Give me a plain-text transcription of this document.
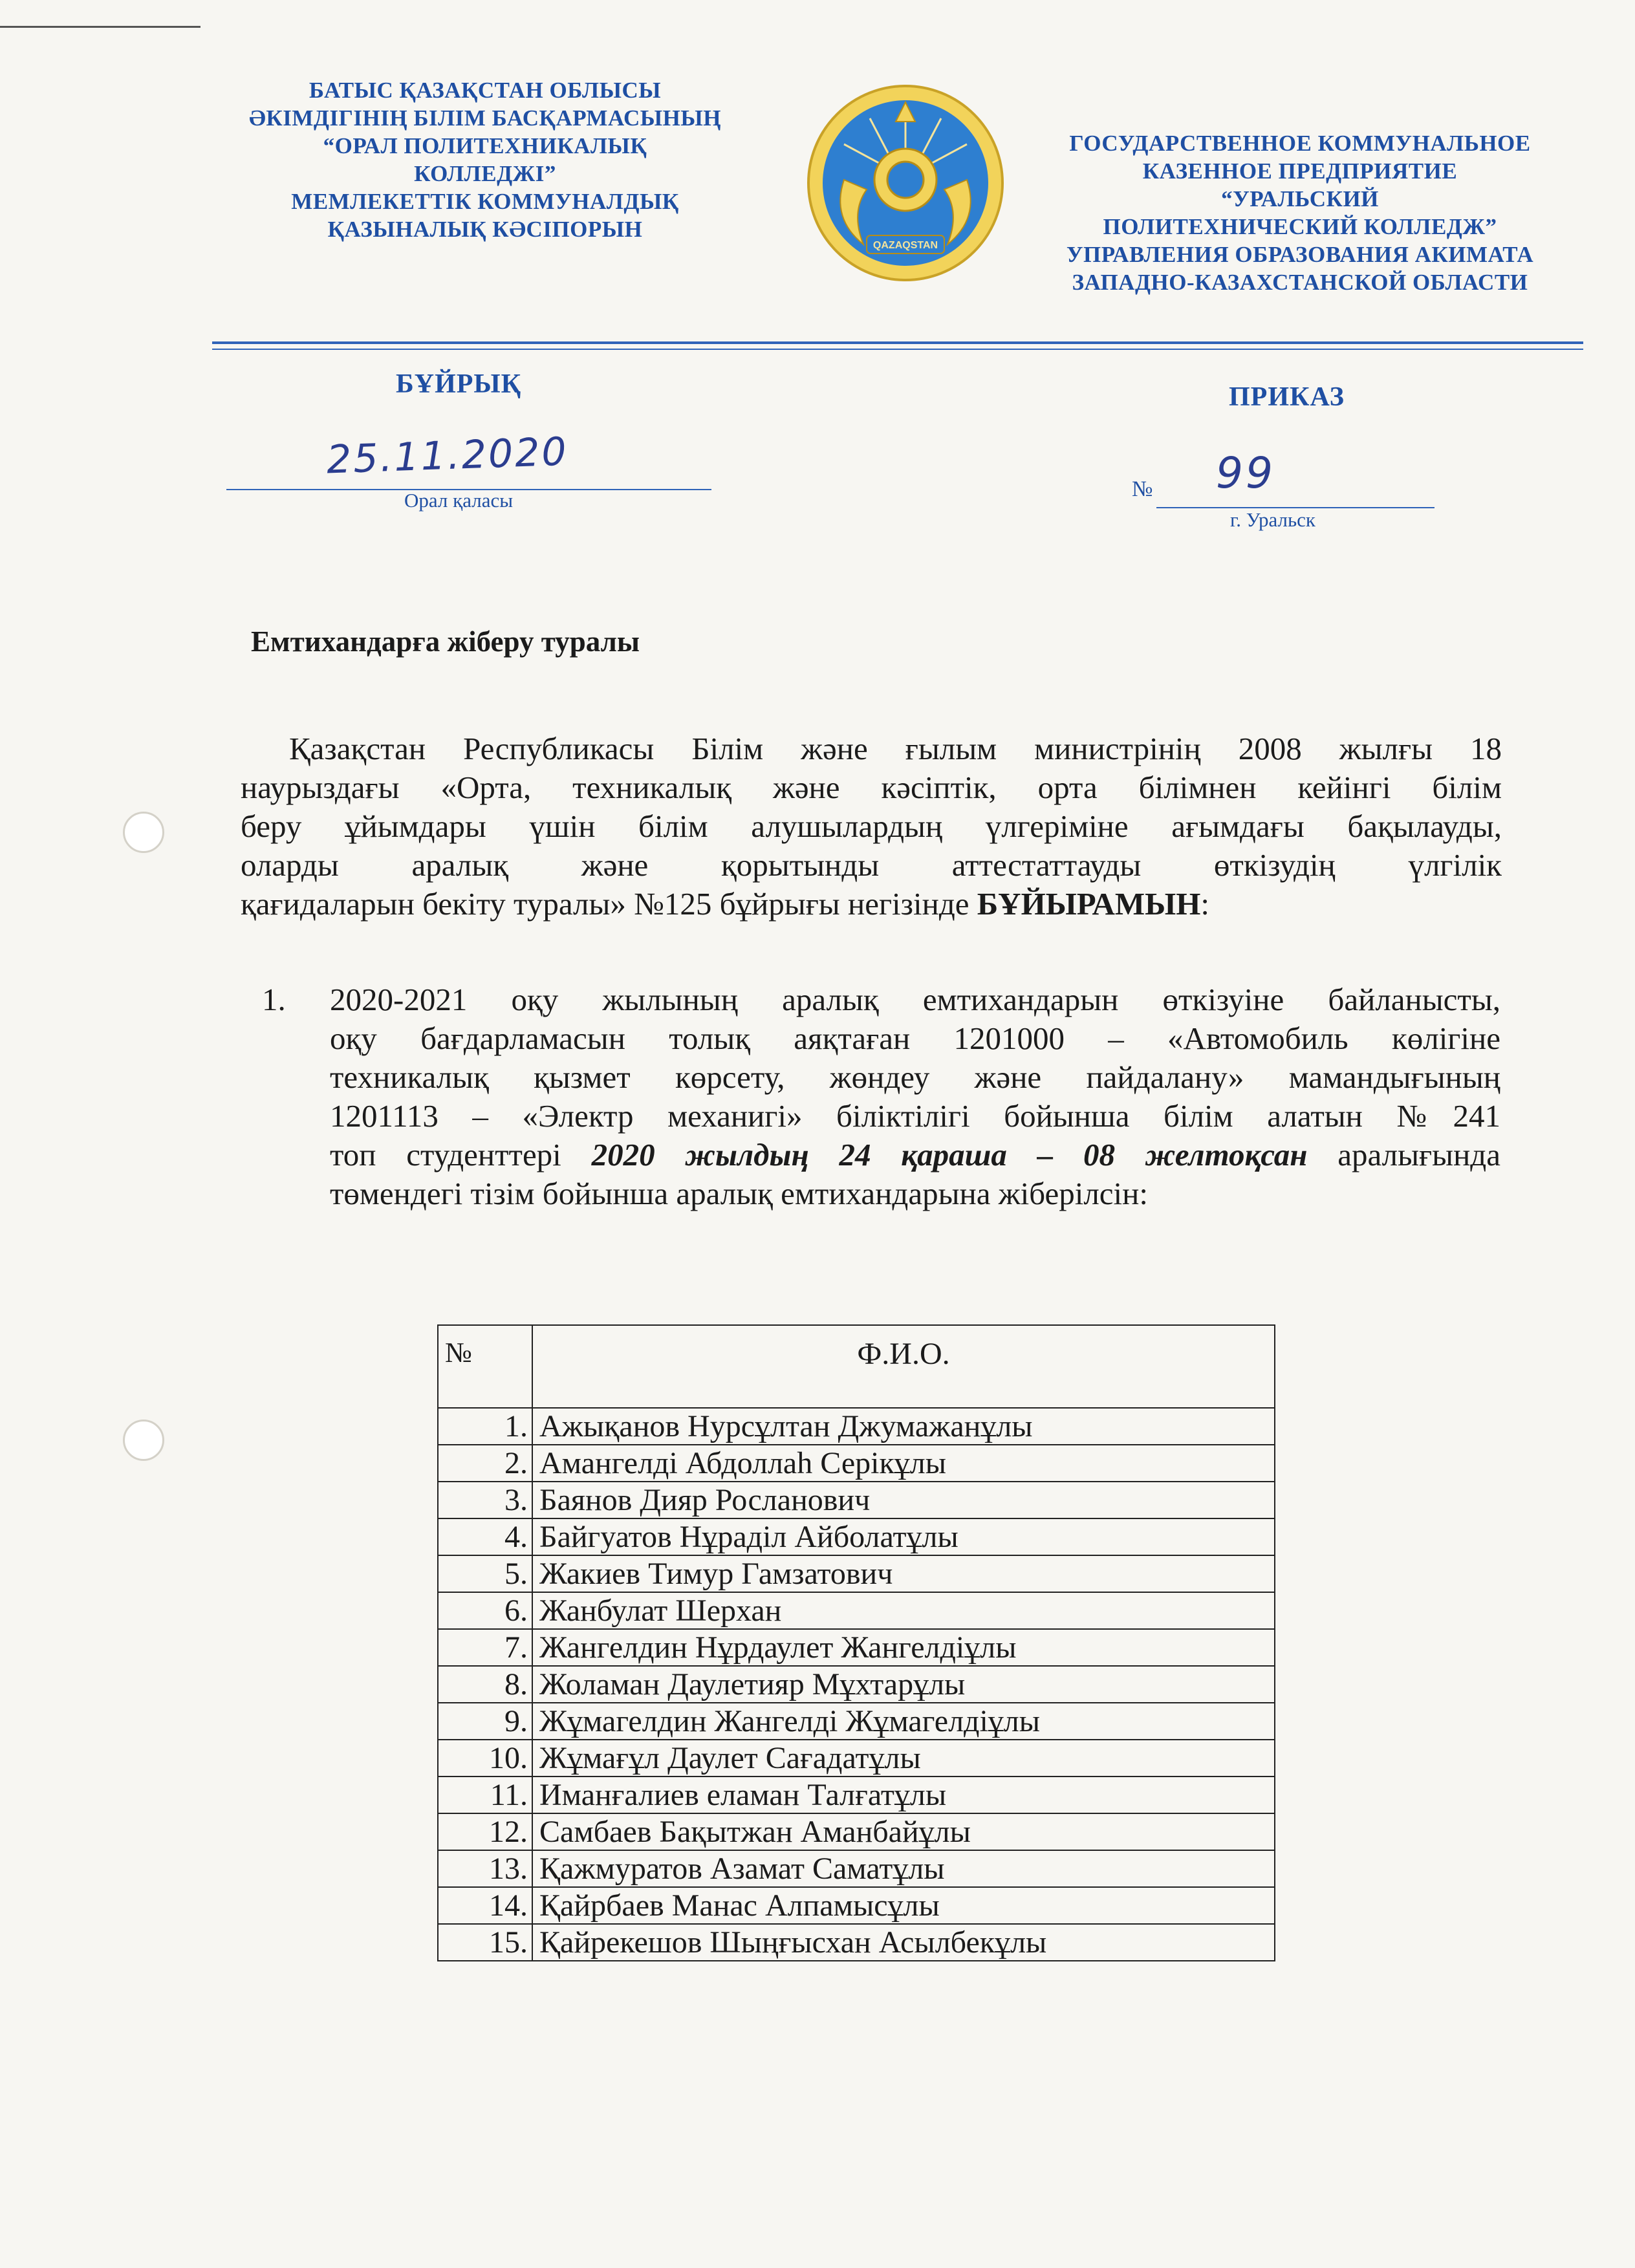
БАТЫС ҚАЗАҚСТАН ОБЛЫСЫ
ӘКІМДІГІНІҢ БІЛІМ БАСҚАРМАСЫНЫҢ
“ОРАЛ ПОЛИТЕХНИКАЛЫҚ
КОЛЛЕДЖІ”
МЕМЛЕКЕТТІК КОММУНАЛДЫҚ
ҚАЗЫНАЛЫҚ КӘСІПОРЫН
QAZAQSTAN
ГОСУДАРСТВЕННОЕ КОММУНАЛЬНОЕ
КАЗЕННОЕ ПРЕДПРИЯТИЕ
“УРАЛЬСКИЙ
ПОЛИТЕХНИЧЕСКИЙ КОЛЛЕДЖ”
УПРАВЛЕНИЯ ОБРАЗОВАНИЯ АКИМАТА
ЗАПАДНО-КАЗАХСТАНСКОЙ ОБЛАСТИ
БҰЙРЫҚ	ПРИКАЗ
25.11.2020
Орал қаласы	№ 99
г. Уральск
Емтихандарға жіберу туралы

Қазақстан Республикасы Білім және ғылым министрінің 2008 жылғы 18

наурыздағы «Орта, техникалық және кәсіптік, орта білімнен кейінгі білім

беру ұйымдары үшін білім алушылардың үлгеріміне ағымдағы бақылауды,

оларды аралық және қорытынды аттестаттауды өткізудің үлгілік

қағидаларын бекіту туралы» №125 бұйрығы негізінде БҰЙЫРАМЫН:

1. 2020-2021 оқу жылының аралық емтихандарын өткізуіне байланысты,

оқу бағдарламасын толық аяқтаған 1201000 – «Автомобиль көлігіне

техникалық қызмет көрсету, жөндеу және пайдалану» мамандығының

1201113 – «Электр механигі» біліктілігі бойынша білім алатын №241

топ студенттері 2020 жылдың 24 қараша – 08 желтоқсан аралығында

төмендегі тізім бойынша аралық емтихандарына жіберілсін:

№	Ф.И.О.
1.	Ажықанов Нурсұлтан Джумажанұлы
2.	Амангелді Абдоллаh Серікұлы
3.	Баянов Дияр Росланович
4.	Байгуатов Нұраділ Айболатұлы
5.	Жакиев Тимур Гамзатович
6.	Жанбулат Шерхан
7.	Жангелдин Нұрдаулет Жангелдіұлы
8.	Жоламан Даулетияр Мұхтарұлы
9.	Жұмагелдин Жангелді Жұмагелдіұлы
10.	Жұмағұл Даулет Сағадатұлы
11.	Иманғалиев еламан Талғатұлы
12.	Самбаев Бақытжан Аманбайұлы
13.	Қажмуратов Азамат Саматұлы
14.	Қайрбаев Манас Алпамысұлы
15.	Қайрекешов Шыңғысхан Асылбекұлы
